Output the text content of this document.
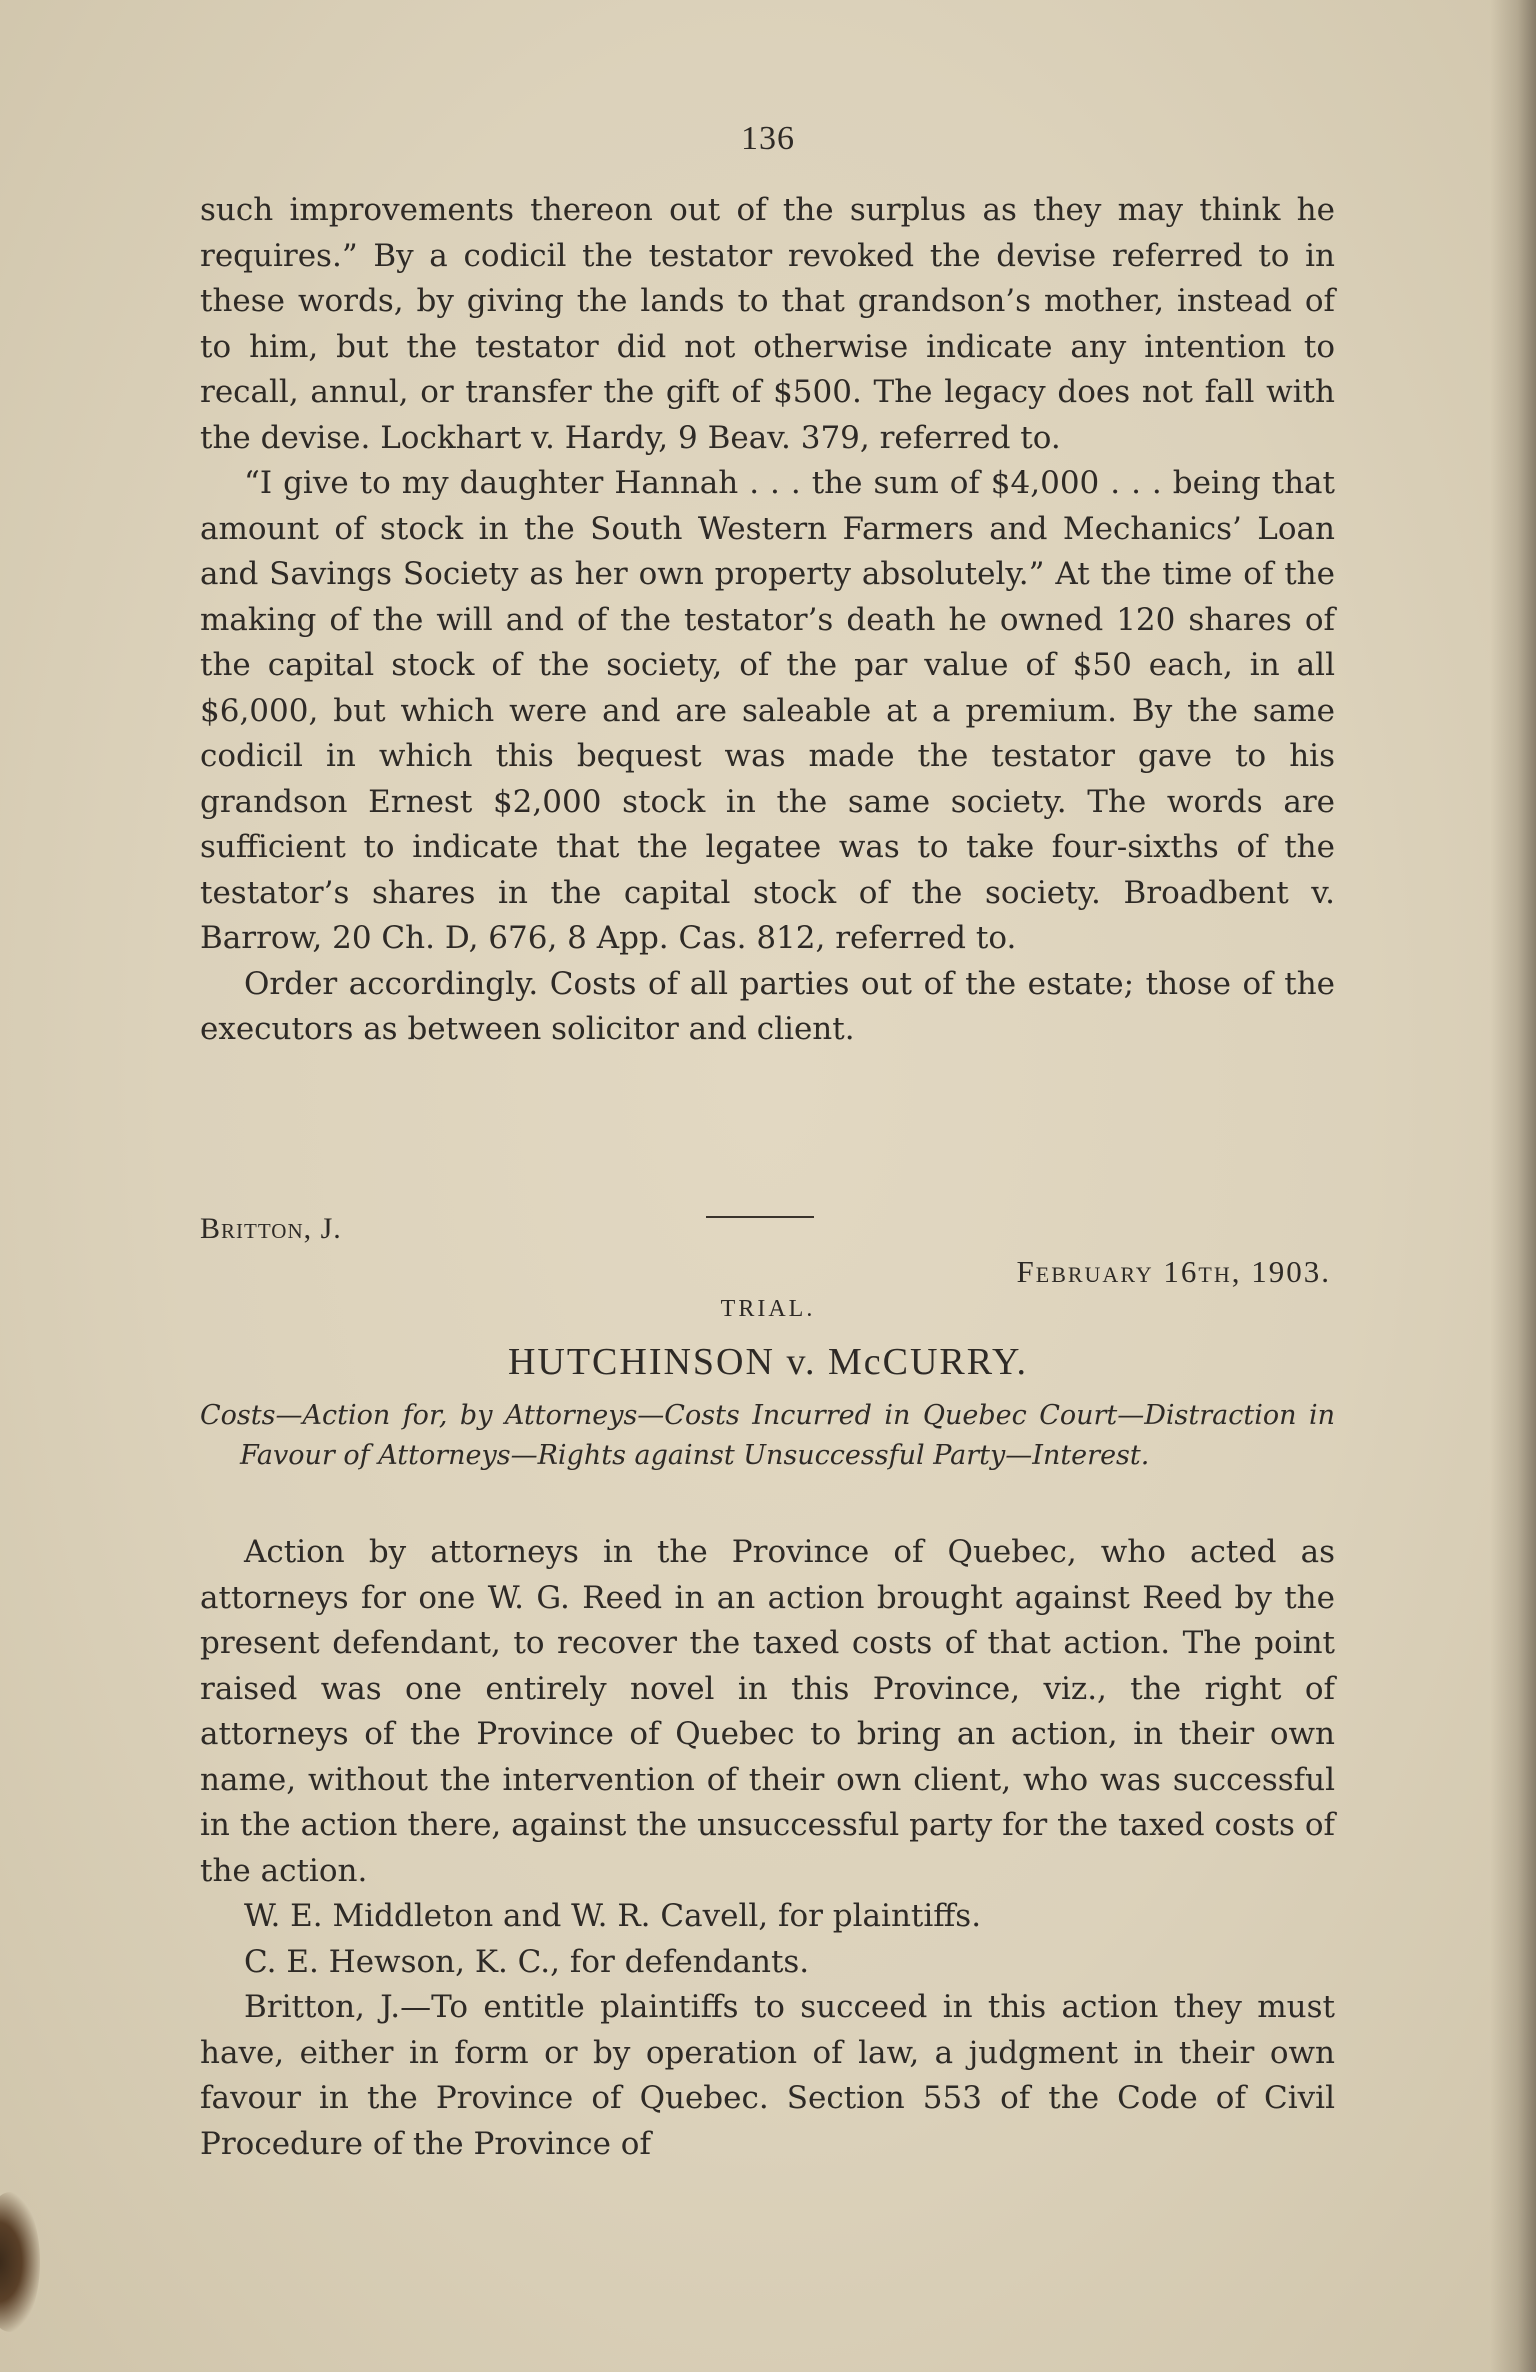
136

such improvements thereon out of the surplus as they may think he requires.” By a codicil the testator revoked the devise referred to in these words, by giving the lands to that grandson’s mother, instead of to him, but the testator did not otherwise indicate any intention to recall, annul, or transfer the gift of $500. The legacy does not fall with the devise. Lockhart v. Hardy, 9 Beav. 379, referred to.

“I give to my daughter Hannah . . . the sum of $4,000 . . . being that amount of stock in the South Western Farmers and Mechanics’ Loan and Savings Society as her own property absolutely.” At the time of the making of the will and of the testator’s death he owned 120 shares of the capital stock of the society, of the par value of $50 each, in all $6,000, but which were and are saleable at a premium. By the same codicil in which this bequest was made the testator gave to his grandson Ernest $2,000 stock in the same society. The words are sufficient to indicate that the legatee was to take four-sixths of the testator’s shares in the capital stock of the society. Broadbent v. Barrow, 20 Ch. D, 676, 8 App. Cas. 812, referred to.

Order accordingly. Costs of all parties out of the estate; those of the executors as between solicitor and client.

Britton, J.
February 16th, 1903.
TRIAL.
HUTCHINSON v. McCURRY.

Costs—Action for, by Attorneys—Costs Incurred in Quebec Court—Distraction in Favour of Attorneys—Rights against Unsuccessful Party—Interest.

Action by attorneys in the Province of Quebec, who acted as attorneys for one W. G. Reed in an action brought against Reed by the present defendant, to recover the taxed costs of that action. The point raised was one entirely novel in this Province, viz., the right of attorneys of the Province of Quebec to bring an action, in their own name, without the intervention of their own client, who was successful in the action there, against the unsuccessful party for the taxed costs of the action.

W. E. Middleton and W. R. Cavell, for plaintiffs.

C. E. Hewson, K. C., for defendants.

Britton, J.—To entitle plaintiffs to succeed in this action they must have, either in form or by operation of law, a judgment in their own favour in the Province of Quebec. Section 553 of the Code of Civil Procedure of the Province of
